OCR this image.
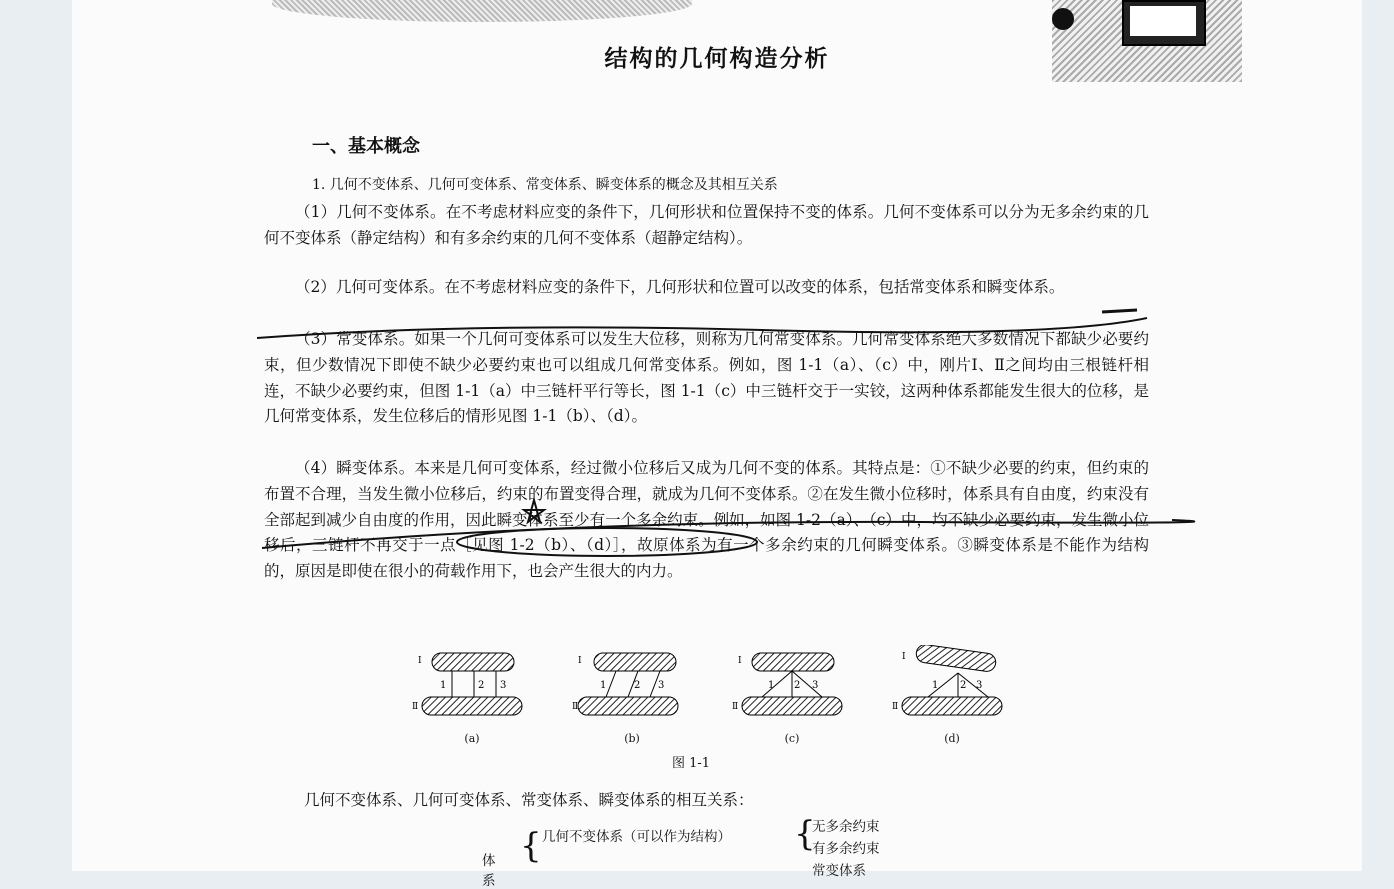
结构的几何构造分析
一、基本概念
1. 几何不变体系、几何可变体系、常变体系、瞬变体系的概念及其相互关系
（1）几何不变体系。在不考虑材料应变的条件下，几何形状和位置保持不变的体系。几何不变体系可以分为无多余约束的几何不变体系（静定结构）和有多余约束的几何不变体系（超静定结构）。
（2）几何可变体系。在不考虑材料应变的条件下，几何形状和位置可以改变的体系，包括常变体系和瞬变体系。
（3）常变体系。如果一个几何可变体系可以发生大位移，则称为几何常变体系。几何常变体系绝大多数情况下都缺少必要约束，但少数情况下即使不缺少必要约束也可以组成几何常变体系。例如，图 1-1（a）、（c）中，刚片Ⅰ、Ⅱ之间均由三根链杆相连，不缺少必要约束，但图 1-1（a）中三链杆平行等长，图 1-1（c）中三链杆交于一实铰，这两种体系都能发生很大的位移，是几何常变体系，发生位移后的情形见图 1-1（b）、（d）。
（4）瞬变体系。本来是几何可变体系，经过微小位移后又成为几何不变的体系。其特点是：①不缺少必要的约束，但约束的布置不合理，当发生微小位移后，约束的布置变得合理，就成为几何不变体系。②在发生微小位移时，体系具有自由度，约束没有全部起到减少自由度的作用，因此瞬变体系至少有一个多余约束。例如，如图 1-2（a）、（c）中，均不缺少必要约束，发生微小位移后，三链杆不再交于一点［见图 1-2（b）、（d）］，故原体系为有一个多余约束的几何瞬变体系。③瞬变体系是不能作为结构的，原因是即使在很小的荷载作用下，也会产生很大的内力。
Ⅰ
Ⅱ
1	2 3
(a)
Ⅰ
Ⅱ
1	2 3
(b)
Ⅰ
Ⅱ
1 2 3
(c)
Ⅰ
Ⅱ
1 2 3
(d)
图 1-1
几何不变体系、几何可变体系、常变体系、瞬变体系的相互关系：
体系
{ 几何不变体系（可以作为结构） {
无多余约束
有多余约束
常变体系
